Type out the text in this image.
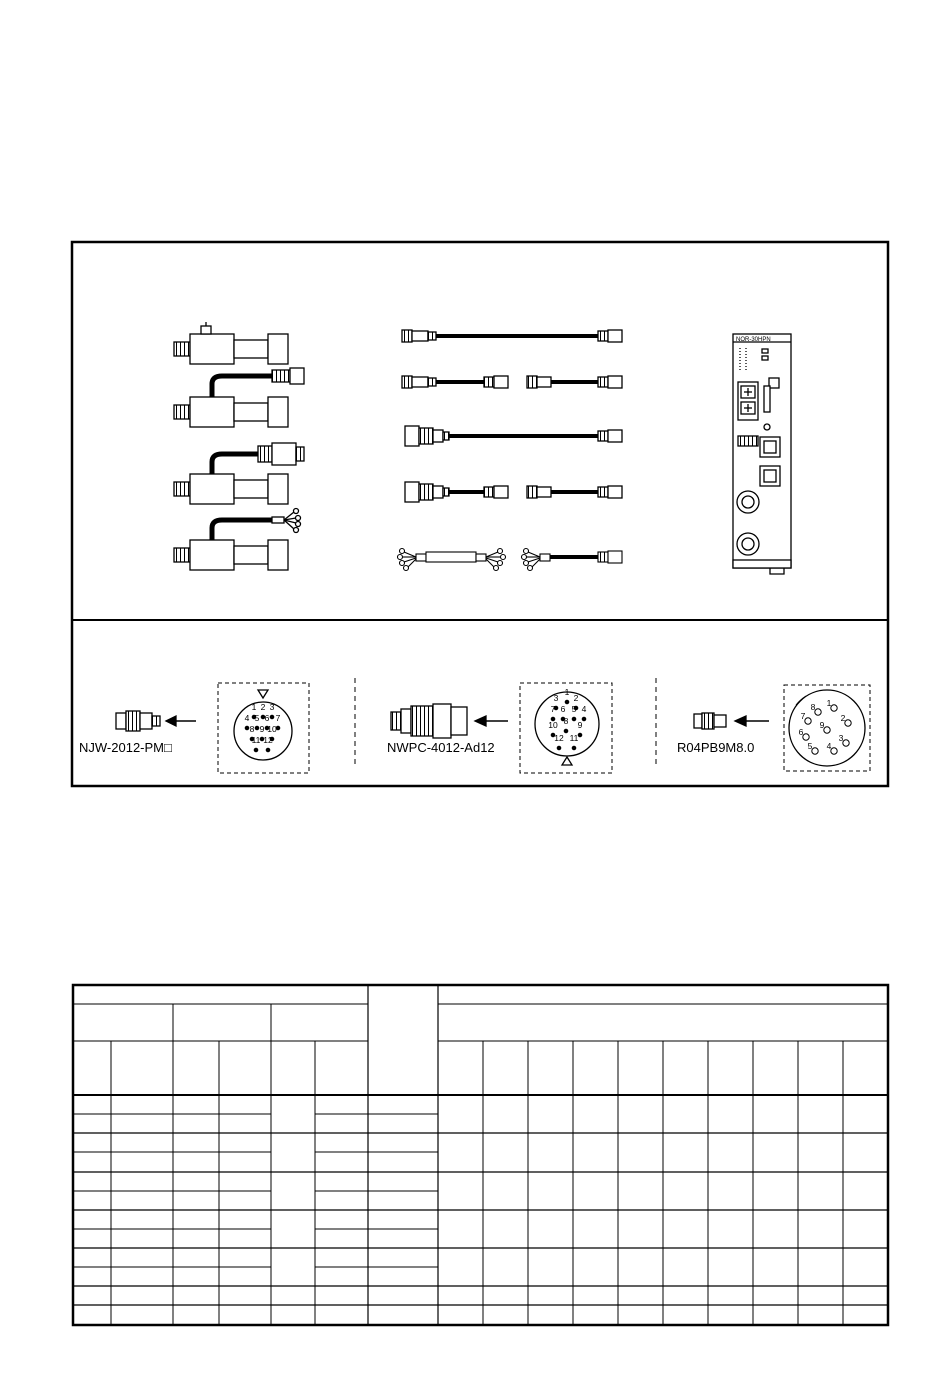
NOR-30HPN
NJW-2012-PM□
1 2 3
4 5 6 7
8 9 10
11 12	NWPC-4012-Ad12
1
2
3
4
5
6
7
8 9
10
11
12
R04PB9M8.0
1
2
3
4
5
6
7
8
9
